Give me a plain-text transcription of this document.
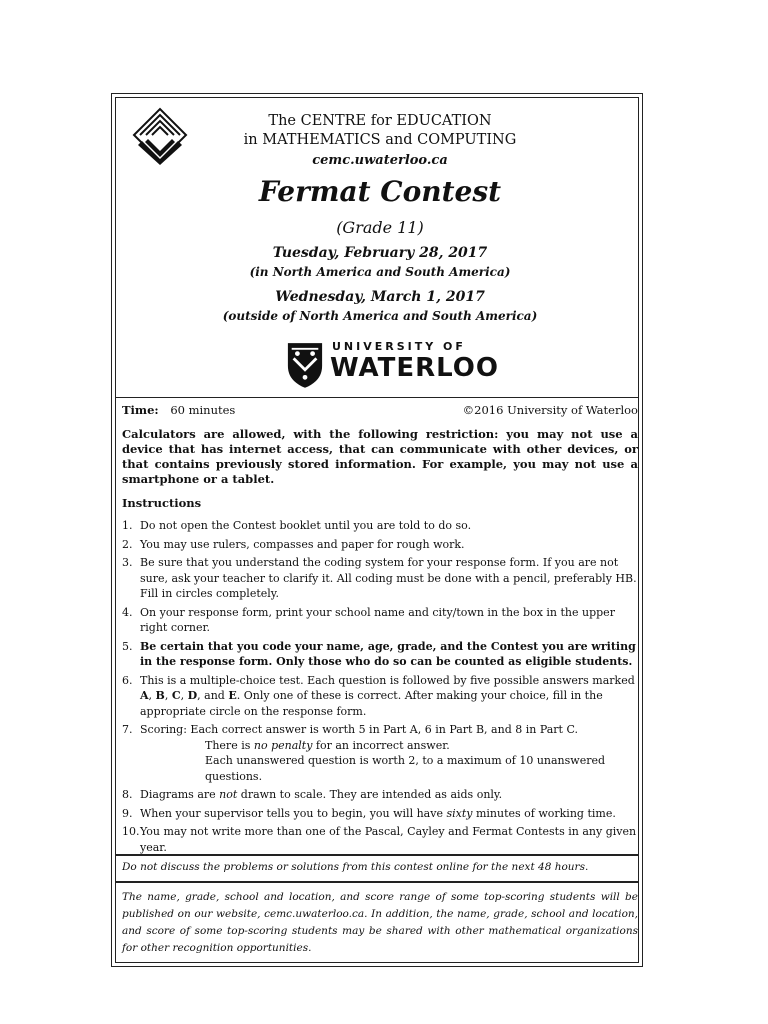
The CENTRE for EDUCATION
in MATHEMATICS and COMPUTING
cemc.uwaterloo.ca
Fermat Contest
(Grade 11)
Tuesday, February 28, 2017
(in North America and South America)
Wednesday, March 1, 2017
(outside of North America and South America)
UNIVERSITY OF
WATERLOO
Time: 60 minutes	©2016 University of Waterloo
Calculators are allowed, with the following restriction: you may not use a device that has internet access, that can communicate with other devices, or that contains previously stored information. For example, you may not use a smartphone or a tablet.
Instructions
1. Do not open the Contest booklet until you are told to do so.
2. You may use rulers, compasses and paper for rough work.
3. Be sure that you understand the coding system for your response form. If you are not sure, ask your teacher to clarify it. All coding must be done with a pencil, preferably HB. Fill in circles completely.
4. On your response form, print your school name and city/town in the box in the upper right corner.
5. Be certain that you code your name, age, grade, and the Contest you are writing in the response form. Only those who do so can be counted as eligible students.
6. This is a multiple-choice test. Each question is followed by five possible answers marked A, B, C, D, and E. Only one of these is correct. After making your choice, fill in the appropriate circle on the response form.
7. Scoring: Each correct answer is worth 5 in Part A, 6 in Part B, and 8 in Part C.
There is no penalty for an incorrect answer.
Each unanswered question is worth 2, to a maximum of 10 unanswered questions.
8. Diagrams are not drawn to scale. They are intended as aids only.
9. When your supervisor tells you to begin, you will have sixty minutes of working time.
10. You may not write more than one of the Pascal, Cayley and Fermat Contests in any given year.
Do not discuss the problems or solutions from this contest online for the next 48 hours.
The name, grade, school and location, and score range of some top-scoring students will be published on our website, cemc.uwaterloo.ca. In addition, the name, grade, school and location, and score of some top-scoring students may be shared with other mathematical organizations for other recognition opportunities.
